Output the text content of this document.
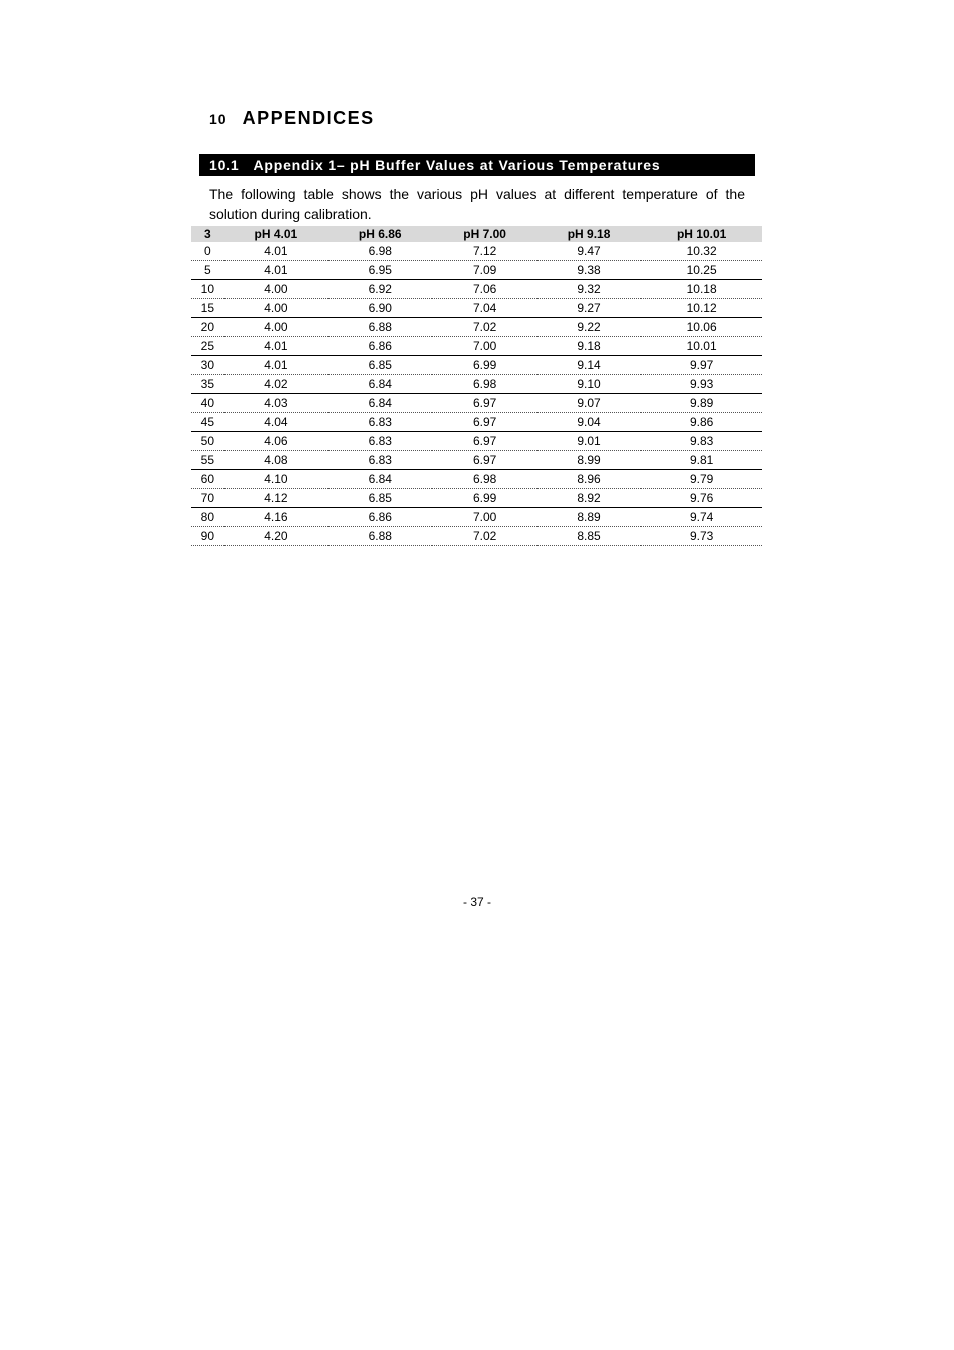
10 APPENDICES
10.1 Appendix 1– pH Buffer Values at Various Temperatures

The following table shows the various pH values at different temperature of the solution during calibration.

3	pH 4.01	pH 6.86	pH 7.00	pH 9.18	pH 10.01
0	4.01	6.98	7.12	9.47	10.32
5	4.01	6.95	7.09	9.38	10.25
10	4.00	6.92	7.06	9.32	10.18
15	4.00	6.90	7.04	9.27	10.12
20	4.00	6.88	7.02	9.22	10.06
25	4.01	6.86	7.00	9.18	10.01
30	4.01	6.85	6.99	9.14	9.97
35	4.02	6.84	6.98	9.10	9.93
40	4.03	6.84	6.97	9.07	9.89
45	4.04	6.83	6.97	9.04	9.86
50	4.06	6.83	6.97	9.01	9.83
55	4.08	6.83	6.97	8.99	9.81
60	4.10	6.84	6.98	8.96	9.79
70	4.12	6.85	6.99	8.92	9.76
80	4.16	6.86	7.00	8.89	9.74
90	4.20	6.88	7.02	8.85	9.73
- 37 -
